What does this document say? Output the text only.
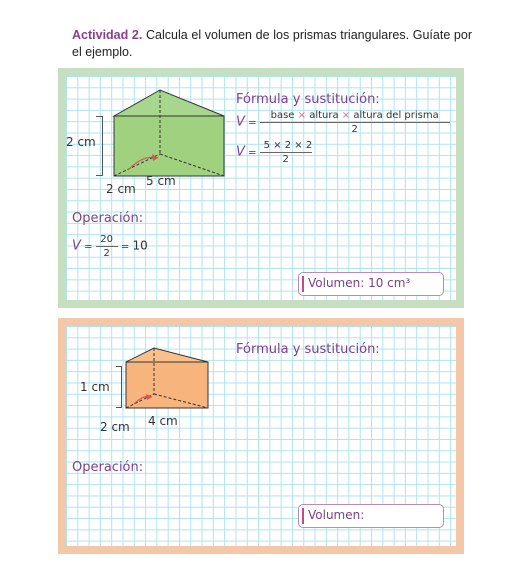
Actividad 2. Calcula el volumen de los prismas triangulares. Guíate por el ejemplo.
2 cm
2 cm
5 cm
Fórmula y sustitución:
$V = \frac{\text{base × altura × altura del prisma}}{2}$
$V = \frac{5 \times 2 \times 2}{2}$
Operación:
$V = \frac{20}{2} = 10$
Volumen: 10 cm³
1 cm
2 cm 4 cm
Fórmula y sustitución:
Operación:
Volumen:
